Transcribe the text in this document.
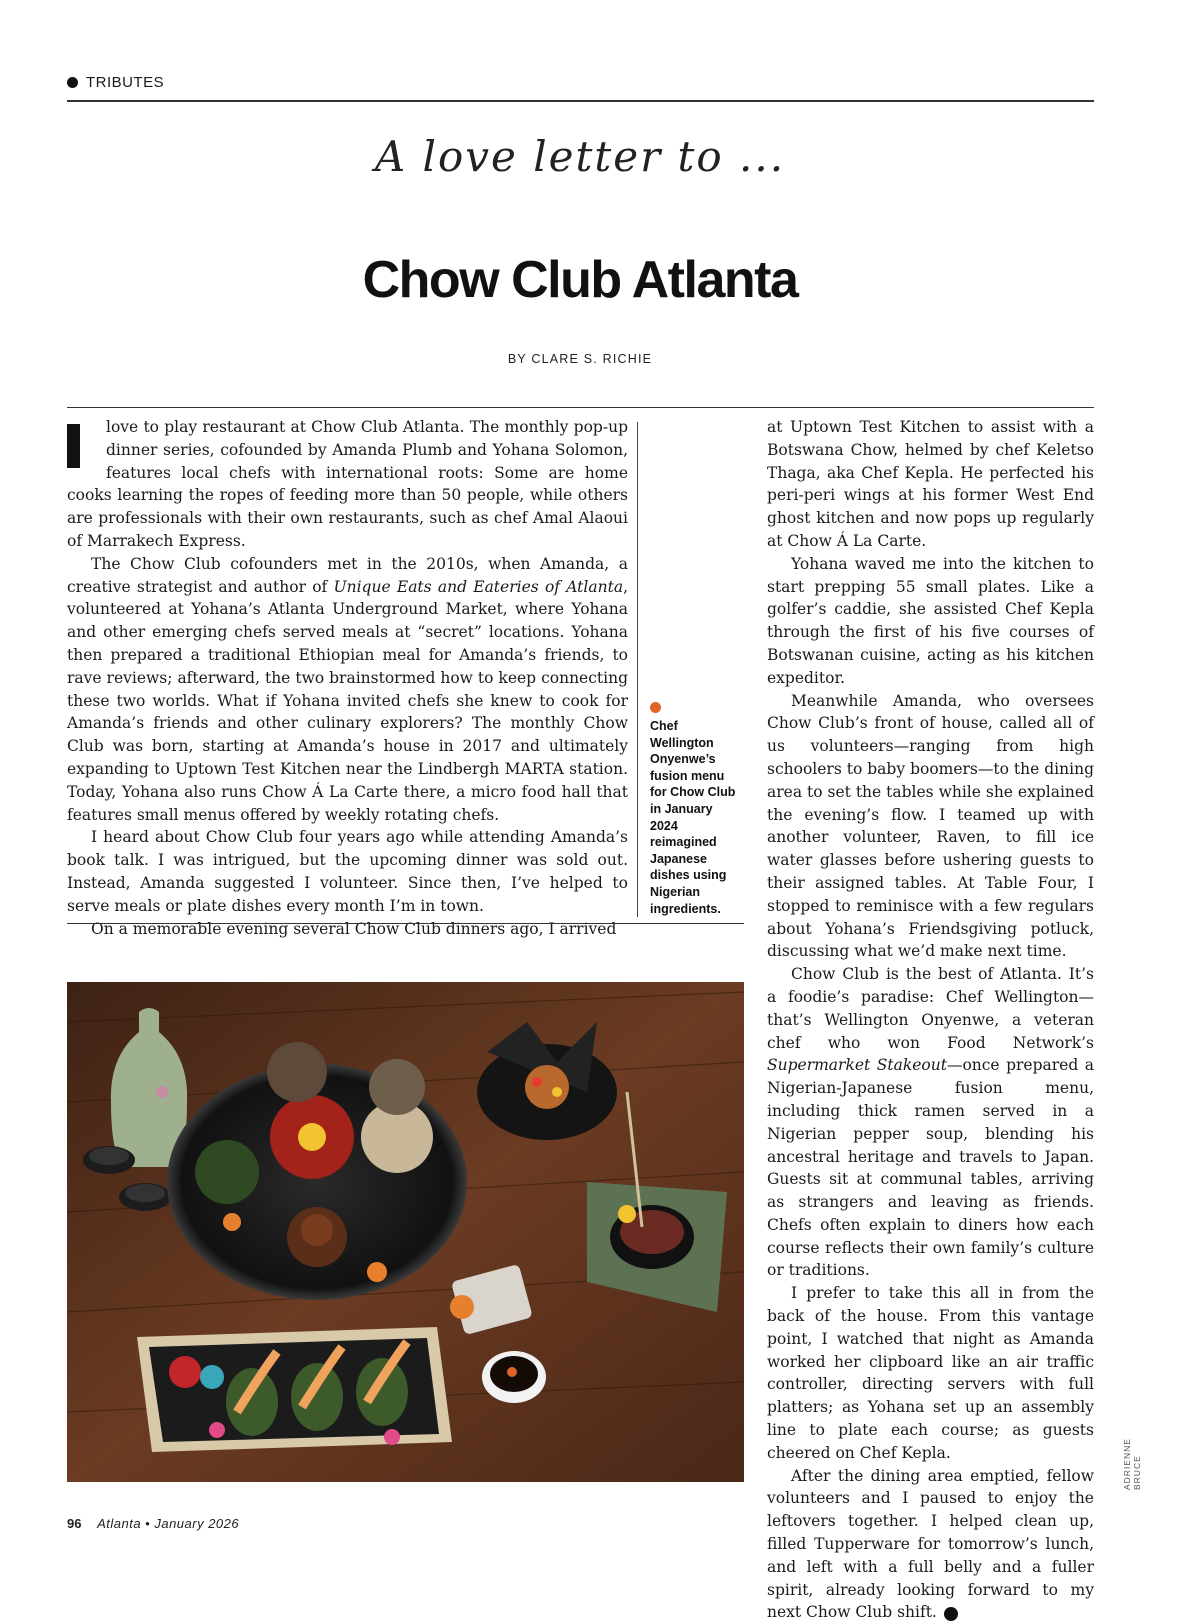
TRIBUTES
A love letter to ...
Chow Club Atlanta
BY CLARE S. RICHIE

love to play restaurant at Chow Club Atlanta. The monthly pop-up dinner series, cofounded by Amanda Plumb and Yohana Solomon, features local chefs with international roots: Some are home cooks learning the ropes of feeding more than 50 people, while others are professionals with their own restaurants, such as chef Amal Alaoui of Marrakech Express.

The Chow Club cofounders met in the 2010s, when Amanda, a creative strategist and author of Unique Eats and Eateries of Atlanta, volunteered at Yohana’s Atlanta Underground Market, where Yohana and other emerging chefs served meals at “secret” locations. Yohana then prepared a traditional Ethiopian meal for Amanda’s friends, to rave reviews; afterward, the two brainstormed how to keep connecting these two worlds. What if Yohana invited chefs she knew to cook for Amanda’s friends and other culinary explorers? The monthly Chow Club was born, starting at Amanda’s house in 2017 and ultimately expanding to Uptown Test Kitchen near the Lindbergh MARTA station. Today, Yohana also runs Chow Á La Carte there, a micro food hall that features small menus offered by weekly rotating chefs.

I heard about Chow Club four years ago while attending Amanda’s book talk. I was intrigued, but the upcoming dinner was sold out. Instead, Amanda suggested I volunteer. Since then, I’ve helped to serve meals or plate dishes every month I’m in town.

On a memorable evening several Chow Club dinners ago, I arrived

Chef Wellington Onyenwe’s fusion menu for Chow Club in January 2024 reimagined Japanese dishes using Nigerian ingredients.

at Uptown Test Kitchen to assist with a Botswana Chow, helmed by chef Keletso Thaga, aka Chef Kepla. He perfected his peri-peri wings at his former West End ghost kitchen and now pops up regularly at Chow Á La Carte.

Yohana waved me into the kitchen to start prepping 55 small plates. Like a golfer’s caddie, she assisted Chef Kepla through the first of his five courses of Botswanan cuisine, acting as his kitchen expeditor.

Meanwhile Amanda, who oversees Chow Club’s front of house, called all of us volunteers—ranging from high schoolers to baby boomers—to the dining area to set the tables while she explained the evening’s flow. I teamed up with another volunteer, Raven, to fill ice water glasses before ushering guests to their assigned tables. At Table Four, I stopped to reminisce with a few regulars about Yohana’s Friendsgiving potluck, discussing what we’d make next time.

Chow Club is the best of Atlanta. It’s a foodie’s paradise: Chef Wellington—that’s Wellington Onyenwe, a veteran chef who won Food Network’s Supermarket Stakeout—once prepared a Nigerian-Japanese fusion menu, including thick ramen served in a Nigerian pepper soup, blending his ancestral heritage and travels to Japan. Guests sit at communal tables, arriving as strangers and leaving as friends. Chefs often explain to diners how each course reflects their own family’s culture or traditions.

I prefer to take this all in from the back of the house. From this vantage point, I watched that night as Amanda worked her clipboard like an air traffic controller, directing servers with full platters; as Yohana set up an assembly line to plate each course; as guests cheered on Chef Kepla.

After the dining area emptied, fellow volunteers and I paused to enjoy the leftovers together. I helped clean up, filled Tupperware for tomorrow’s lunch, and left with a full belly and a fuller spirit, already looking forward to my next Chow Club shift.	A

ADRIENNE BRUCE
96 Atlanta • January 2026
